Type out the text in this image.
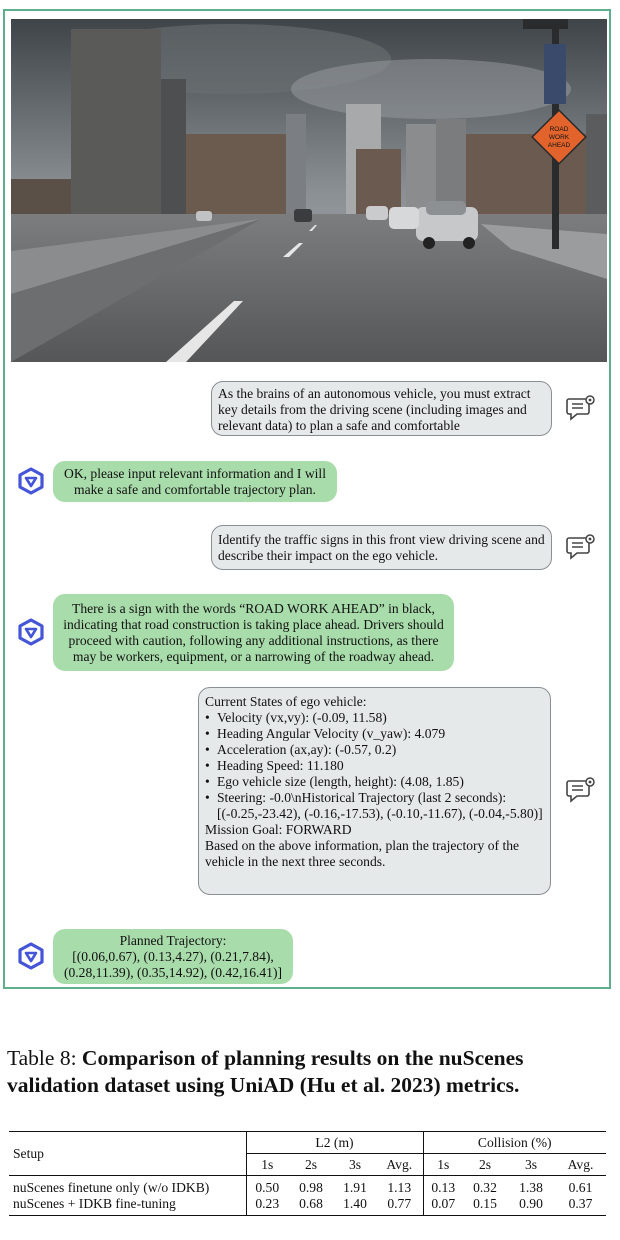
ROAD
WORK
AHEAD
As the brains of an autonomous vehicle, you must extract key details from the driving scene (including images and relevant data) to plan a safe and comfortable
OK, please input relevant information and I will make a safe and comfortable trajectory plan.
Identify the traffic signs in this front view driving scene and describe their impact on the ego vehicle.
There is a sign with the words “ROAD WORK AHEAD” in black, indicating that road construction is taking place ahead. Drivers should proceed with caution, following any additional instructions, as there may be workers, equipment, or a narrowing of the roadway ahead.
Current States of ego vehicle:
• Velocity (vx,vy): (-0.09, 11.58)
• Heading Angular Velocity (v_yaw): 4.079
• Acceleration (ax,ay): (-0.57, 0.2)
• Heading Speed: 11.180
• Ego vehicle size (length, height): (4.08, 1.85)
• Steering: -0.0\nHistorical Trajectory (last 2 seconds): [(-0.25,-23.42), (-0.16,-17.53), (-0.10,-11.67), (-0.04,-5.80)]
Mission Goal: FORWARD
Based on the above information, plan the trajectory of the vehicle in the next three seconds.
Planned Trajectory:
[(0.06,0.67), (0.13,4.27), (0.21,7.84), (0.28,11.39), (0.35,14.92), (0.42,16.41)]
Table 8: Comparison of planning results on the nuScenes validation dataset using UniAD (Hu et al. 2023) metrics.
Setup	L2 (m)				Collision (%)			
	1s	2s	3s	Avg.	1s	2s	3s	Avg.
nuScenes finetune only (w/o IDKB)	0.50	0.98	1.91	1.13	0.13	0.32	1.38	0.61
nuScenes + IDKB fine-tuning	0.23	0.68	1.40	0.77	0.07	0.15	0.90	0.37
